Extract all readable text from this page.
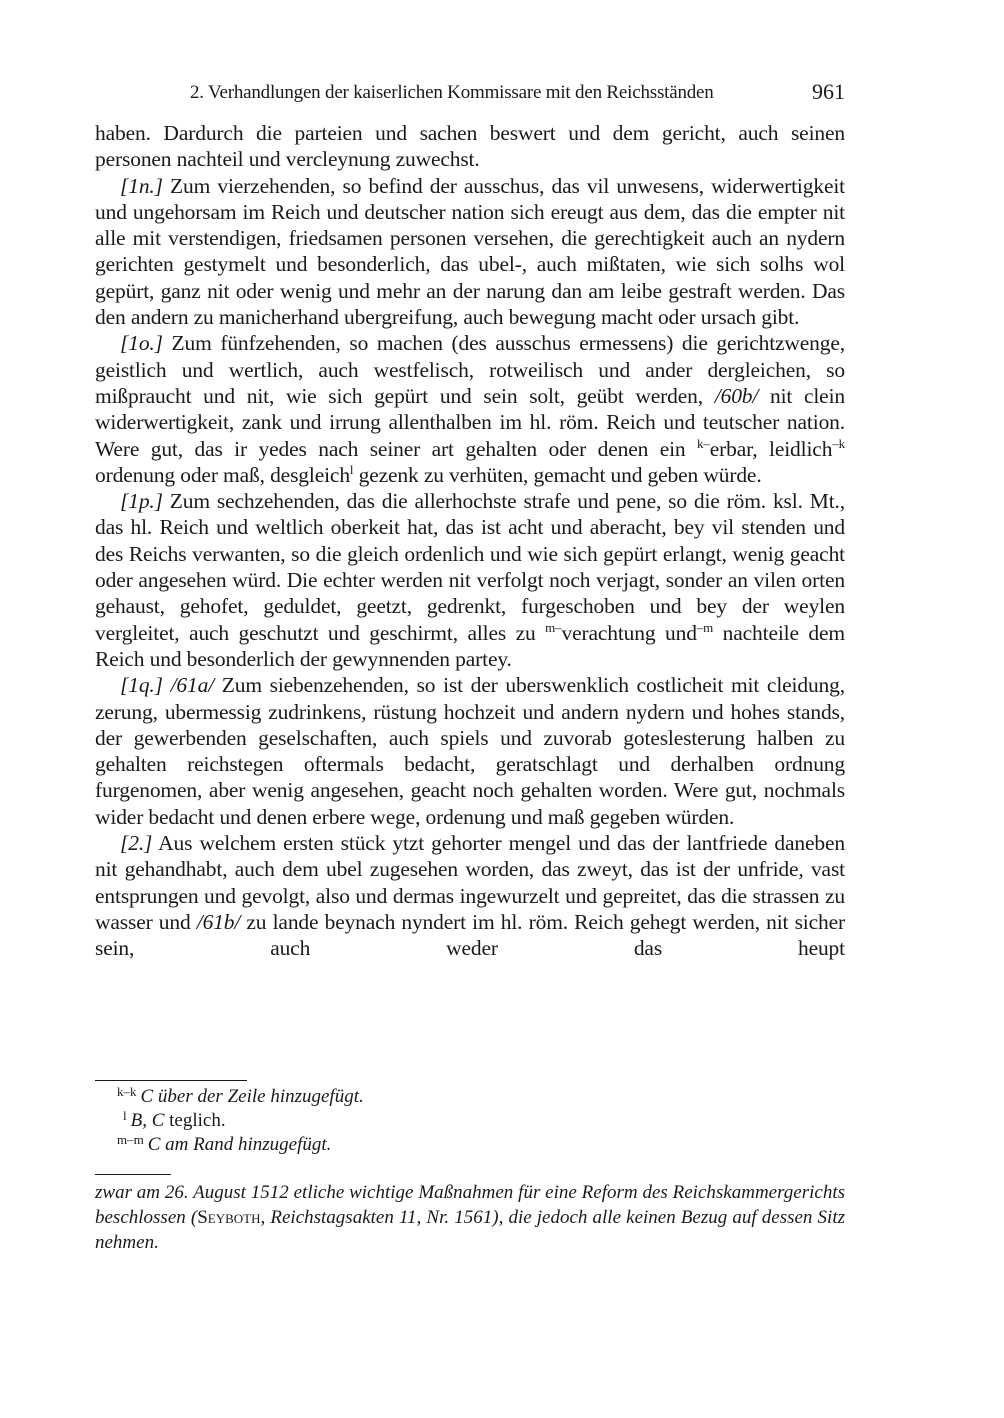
2. Verhandlungen der kaiserlichen Kommissare mit den Reichsständen	961

haben. Dardurch die parteien und sachen beswert und dem gericht, auch seinen personen nachteil und vercleynung zuwechst.

[1n.] Zum vierzehenden, so befind der ausschus, das vil unwesens, widerwertigkeit und ungehorsam im Reich und deutscher nation sich ereugt aus dem, das die empter nit alle mit verstendigen, friedsamen personen versehen, die gerechtigkeit auch an nydern gerichten gestymelt und besonderlich, das ubel-, auch mißtaten, wie sich solhs wol gepürt, ganz nit oder wenig und mehr an der narung dan am leibe gestraft werden. Das den andern zu manicherhand ubergreifung, auch bewegung macht oder ursach gibt.

[1o.] Zum fünfzehenden, so machen (des ausschus ermessens) die gerichtzwenge, geistlich und wertlich, auch westfelisch, rotweilisch und ander dergleichen, so mißpraucht und nit, wie sich gepürt und sein solt, geübt werden, /60b/ nit clein widerwertigkeit, zank und irrung allenthalben im hl. röm. Reich und teutscher nation. Were gut, das ir yedes nach seiner art gehalten oder denen ein $^{k-}$erbar, leidlich$^{-k}$ ordenung oder maß, desgleich$^l$ gezenk zu verhüten, gemacht und geben würde.

[1p.] Zum sechzehenden, das die allerhochste strafe und pene, so die röm. ksl. Mt., das hl. Reich und weltlich oberkeit hat, das ist acht und aberacht, bey vil stenden und des Reichs verwanten, so die gleich ordenlich und wie sich gepürt erlangt, wenig geacht oder angesehen würd. Die echter werden nit verfolgt noch verjagt, sonder an vilen orten gehaust, gehofet, geduldet, geetzt, gedrenkt, furgeschoben und bey der weylen vergleitet, auch geschutzt und geschirmt, alles zu $^{m-}$verachtung und$^{-m}$ nachteile dem Reich und besonderlich der gewynnenden partey.

[1q.] /61a/ Zum siebenzehenden, so ist der uberswenklich costlicheit mit cleidung, zerung, ubermessig zudrinkens, rüstung hochzeit und andern nydern und hohes stands, der gewerbenden geselschaften, auch spiels und zuvorab goteslesterung halben zu gehalten reichstegen oftermals bedacht, geratschlagt und derhalben ordnung furgenomen, aber wenig angesehen, geacht noch gehalten worden. Were gut, nochmals wider bedacht und denen erbere wege, ordenung und maß gegeben würden.

[2.] Aus welchem ersten stück ytzt gehorter mengel und das der lantfriede daneben nit gehandhabt, auch dem ubel zugesehen worden, das zweyt, das ist der unfride, vast entsprungen und gevolgt, also und dermas ingewurzelt und gepreitet, das die strassen zu wasser und /61b/ zu lande beynach nyndert im hl. röm. Reich gehegt werden, nit sicher sein, auch weder das heupt

$^{k-k}$ C über der Zeile hinzugefügt.

$^l$ B, C teglich.

$^{m-m}$ C am Rand hinzugefügt.

zwar am 26. August 1512 etliche wichtige Maßnahmen für eine Reform des Reichskammergerichts beschlossen (Seyboth, Reichstagsakten 11, Nr. 1561), die jedoch alle keinen Bezug auf dessen Sitz nehmen.
